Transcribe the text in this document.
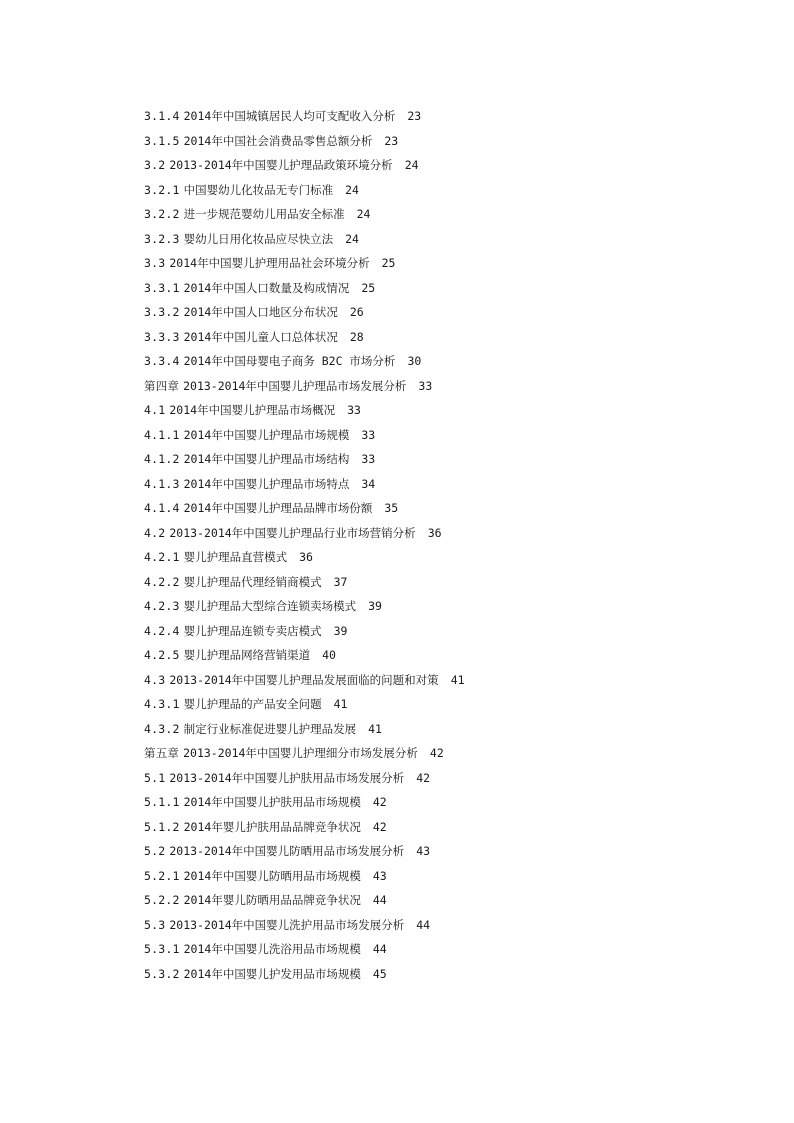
3.1.4 2014年中国城镇居民人均可支配收入分析 23
3.1.5 2014年中国社会消费品零售总额分析 23
3.2 2013-2014年中国婴儿护理品政策环境分析 24
3.2.1 中国婴幼儿化妆品无专门标准 24
3.2.2 进一步规范婴幼儿用品安全标准 24
3.2.3 婴幼儿日用化妆品应尽快立法 24
3.3 2014年中国婴儿护理用品社会环境分析 25
3.3.1 2014年中国人口数量及构成情况 25
3.3.2 2014年中国人口地区分布状况 26
3.3.3 2014年中国儿童人口总体状况 28
3.3.4 2014年中国母婴电子商务 B2C 市场分析 30
第四章 2013-2014年中国婴儿护理品市场发展分析 33
4.1 2014年中国婴儿护理品市场概况 33
4.1.1 2014年中国婴儿护理品市场规模 33
4.1.2 2014年中国婴儿护理品市场结构 33
4.1.3 2014年中国婴儿护理品市场特点 34
4.1.4 2014年中国婴儿护理品品牌市场份额 35
4.2 2013-2014年中国婴儿护理品行业市场营销分析 36
4.2.1 婴儿护理品直营模式 36
4.2.2 婴儿护理品代理经销商模式 37
4.2.3 婴儿护理品大型综合连锁卖场模式 39
4.2.4 婴儿护理品连锁专卖店模式 39
4.2.5 婴儿护理品网络营销渠道 40
4.3 2013-2014年中国婴儿护理品发展面临的问题和对策 41
4.3.1 婴儿护理品的产品安全问题 41
4.3.2 制定行业标准促进婴儿护理品发展 41
第五章 2013-2014年中国婴儿护理细分市场发展分析 42
5.1 2013-2014年中国婴儿护肤用品市场发展分析 42
5.1.1 2014年中国婴儿护肤用品市场规模 42
5.1.2 2014年婴儿护肤用品品牌竞争状况 42
5.2 2013-2014年中国婴儿防晒用品市场发展分析 43
5.2.1 2014年中国婴儿防晒用品市场规模 43
5.2.2 2014年婴儿防晒用品品牌竞争状况 44
5.3 2013-2014年中国婴儿洗护用品市场发展分析 44
5.3.1 2014年中国婴儿洗浴用品市场规模 44
5.3.2 2014年中国婴儿护发用品市场规模 45
